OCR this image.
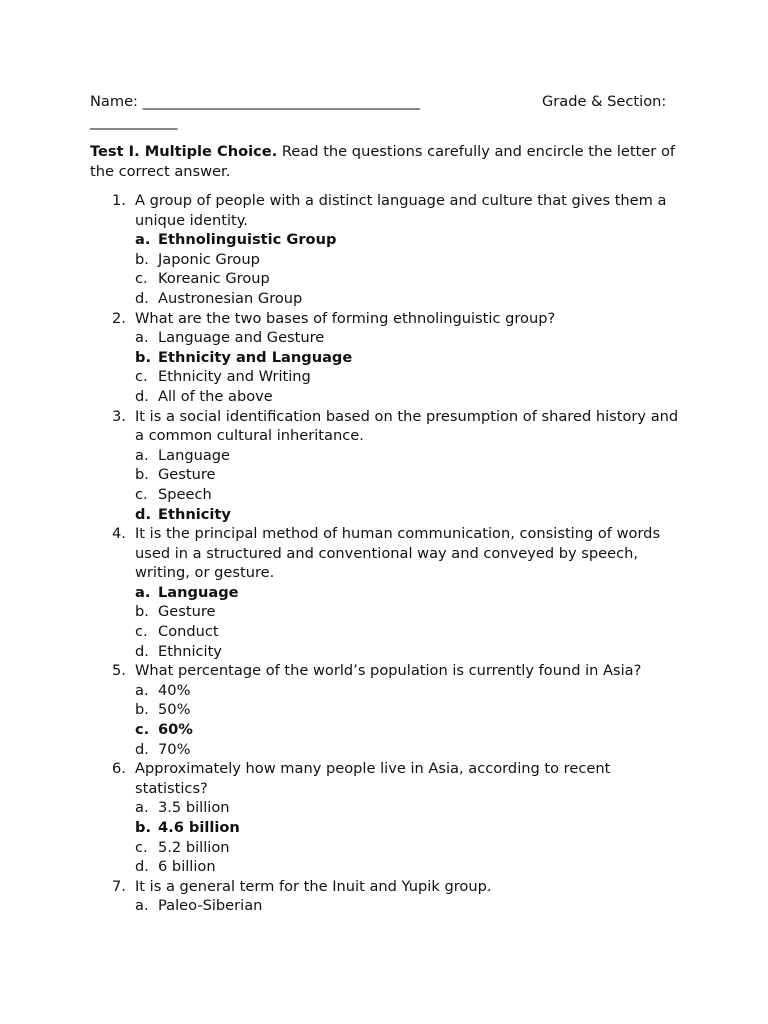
Name: ______________________________________	Grade & Section:
____________
Test I. Multiple Choice. Read the questions carefully and encircle the letter of the correct answer.
1. A group of people with a distinct language and culture that gives them a unique identity.
a. Ethnolinguistic Group
b. Japonic Group
c. Koreanic Group
d. Austronesian Group
2. What are the two bases of forming ethnolinguistic group?
a. Language and Gesture
b. Ethnicity and Language
c. Ethnicity and Writing
d. All of the above
3. It is a social identification based on the presumption of shared history and a common cultural inheritance.
a. Language
b. Gesture
c. Speech
d. Ethnicity
4. It is the principal method of human communication, consisting of words used in a structured and conventional way and conveyed by speech, writing, or gesture.
a. Language
b. Gesture
c. Conduct
d. Ethnicity
5. What percentage of the world’s population is currently found in Asia?
a. 40%
b. 50%
c. 60%
d. 70%
6. Approximately how many people live in Asia, according to recent statistics?
a. 3.5 billion
b. 4.6 billion
c. 5.2 billion
d. 6 billion
7. It is a general term for the Inuit and Yupik group.
a. Paleo-Siberian
